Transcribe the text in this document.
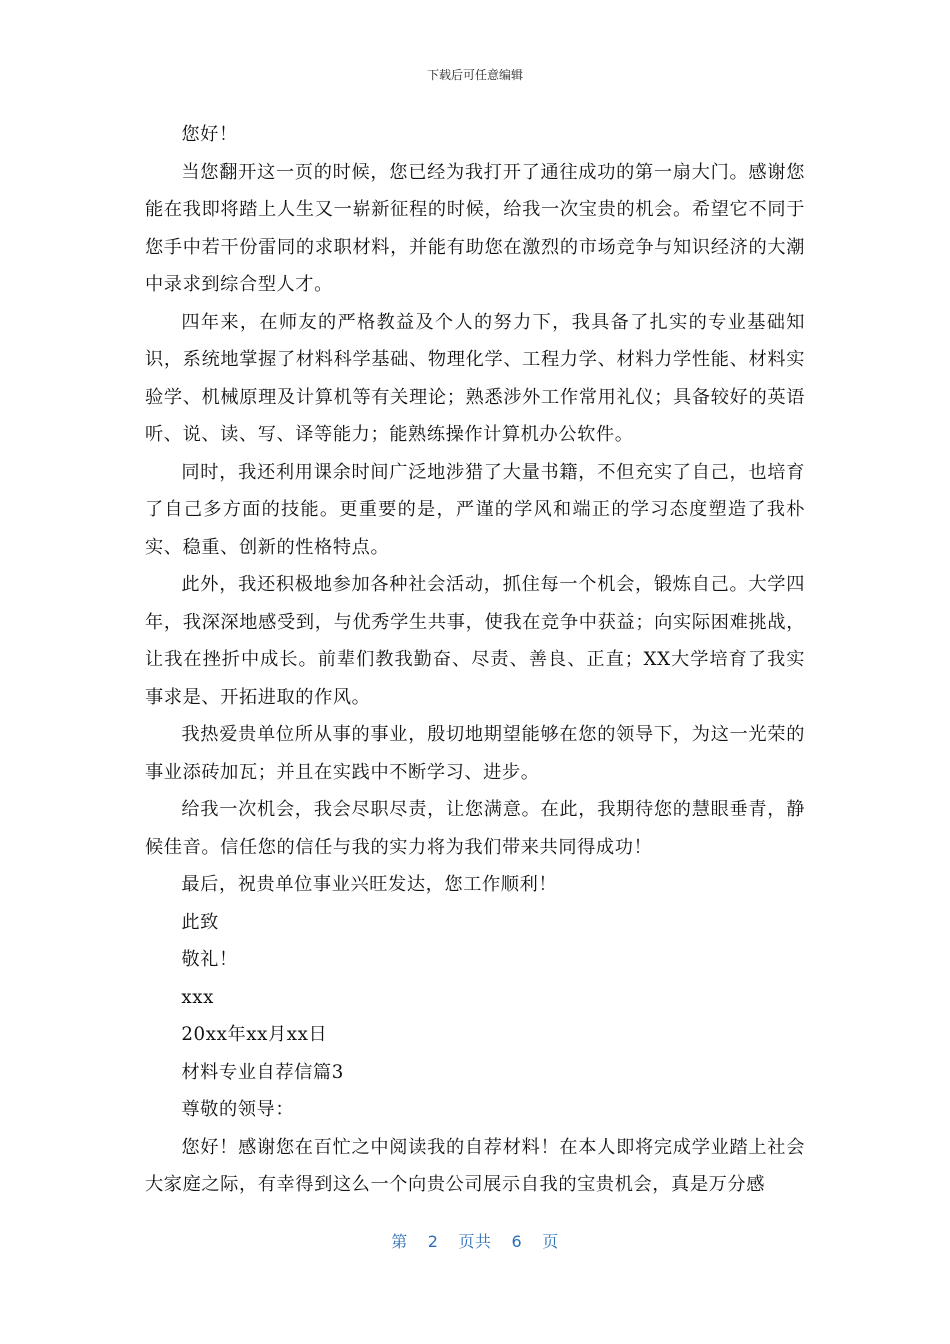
下载后可任意编辑

您好！

当您翻开这一页的时候，您已经为我打开了通往成功的第一扇大门。感谢您能在我即将踏上人生又一崭新征程的时候，给我一次宝贵的机会。希望它不同于您手中若干份雷同的求职材料，并能有助您在激烈的市场竞争与知识经济的大潮中录求到综合型人才。

四年来，在师友的严格教益及个人的努力下，我具备了扎实的专业基础知识，系统地掌握了材料科学基础、物理化学、工程力学、材料力学性能、材料实验学、机械原理及计算机等有关理论；熟悉涉外工作常用礼仪；具备较好的英语听、说、读、写、译等能力；能熟练操作计算机办公软件。

同时，我还利用课余时间广泛地涉猎了大量书籍，不但充实了自己，也培育了自己多方面的技能。更重要的是，严谨的学风和端正的学习态度塑造了我朴实、稳重、创新的性格特点。

此外，我还积极地参加各种社会活动，抓住每一个机会，锻炼自己。大学四年，我深深地感受到，与优秀学生共事，使我在竞争中获益；向实际困难挑战，让我在挫折中成长。前辈们教我勤奋、尽责、善良、正直；XX大学培育了我实事求是、开拓进取的作风。

我热爱贵单位所从事的事业，殷切地期望能够在您的领导下，为这一光荣的事业添砖加瓦；并且在实践中不断学习、进步。

给我一次机会，我会尽职尽责，让您满意。在此，我期待您的慧眼垂青，静候佳音。信任您的信任与我的实力将为我们带来共同得成功！

最后，祝贵单位事业兴旺发达，您工作顺利！

此致

敬礼！

xxx

20xx年xx月xx日

材料专业自荐信篇3

尊敬的领导：

您好！感谢您在百忙之中阅读我的自荐材料！在本人即将完成学业踏上社会大家庭之际，有幸得到这么一个向贵公司展示自我的宝贵机会，真是万分感

第 2 页共 6 页
